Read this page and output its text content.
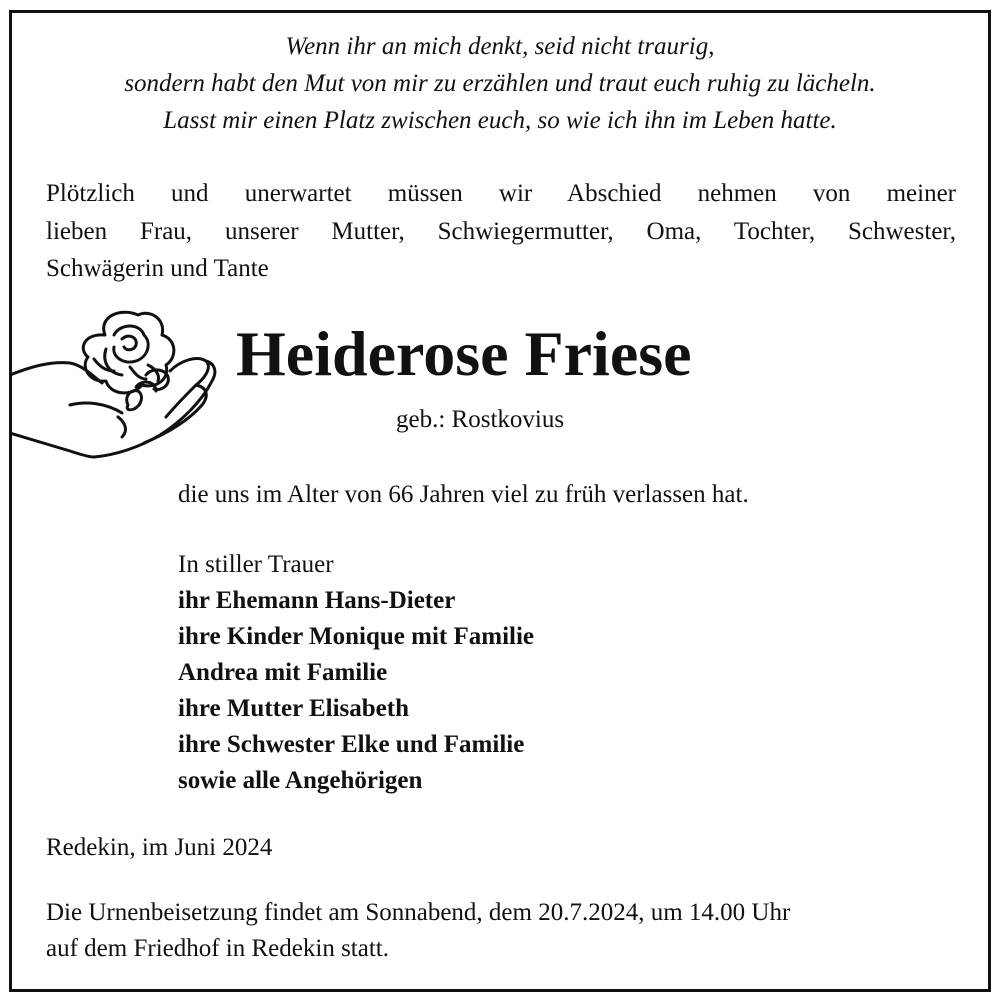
Wenn ihr an mich denkt, seid nicht traurig,
sondern habt den Mut von mir zu erzählen und traut euch ruhig zu lächeln.
Lasst mir einen Platz zwischen euch, so wie ich ihn im Leben hatte.
Plötzlich und unerwartet müssen wir Abschied nehmen von meiner
lieben Frau, unserer Mutter, Schwiegermutter, Oma, Tochter, Schwester,
Schwägerin und Tante
Heiderose Friese
geb.: Rostkovius
die uns im Alter von 66 Jahren viel zu früh verlassen hat.
In stiller Trauer
ihr Ehemann Hans-Dieter
ihre Kinder Monique mit Familie
Andrea mit Familie
ihre Mutter Elisabeth
ihre Schwester Elke und Familie
sowie alle Angehörigen
Redekin, im Juni 2024
Die Urnenbeisetzung findet am Sonnabend, dem 20.7.2024, um 14.00 Uhr
auf dem Friedhof in Redekin statt.
